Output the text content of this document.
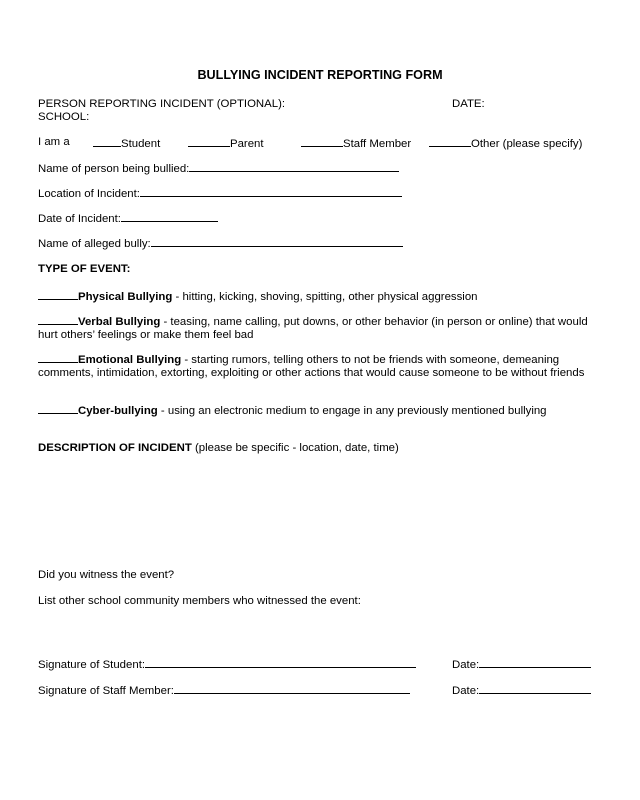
BULLYING INCIDENT REPORTING FORM
PERSON REPORTING INCIDENT (OPTIONAL):	DATE:
SCHOOL:
I am a	Student	Parent	Staff Member	Other (please specify)
Name of person being bullied:
Location of Incident:
Date of Incident:
Name of alleged bully:
TYPE OF EVENT:
Physical Bullying - hitting, kicking, shoving, spitting, other physical aggression
Verbal Bullying - teasing, name calling, put downs, or other behavior (in person or online) that would hurt others’ feelings or make them feel bad
Emotional Bullying - starting rumors, telling others to not be friends with someone, demeaning comments, intimidation, extorting, exploiting or other actions that would cause someone to be without friends
Cyber-bullying - using an electronic medium to engage in any previously mentioned bullying
DESCRIPTION OF INCIDENT (please be specific - location, date, time)
Did you witness the event?
List other school community members who witnessed the event:
Signature of Student:	Date:
Signature of Staff Member:	Date:
